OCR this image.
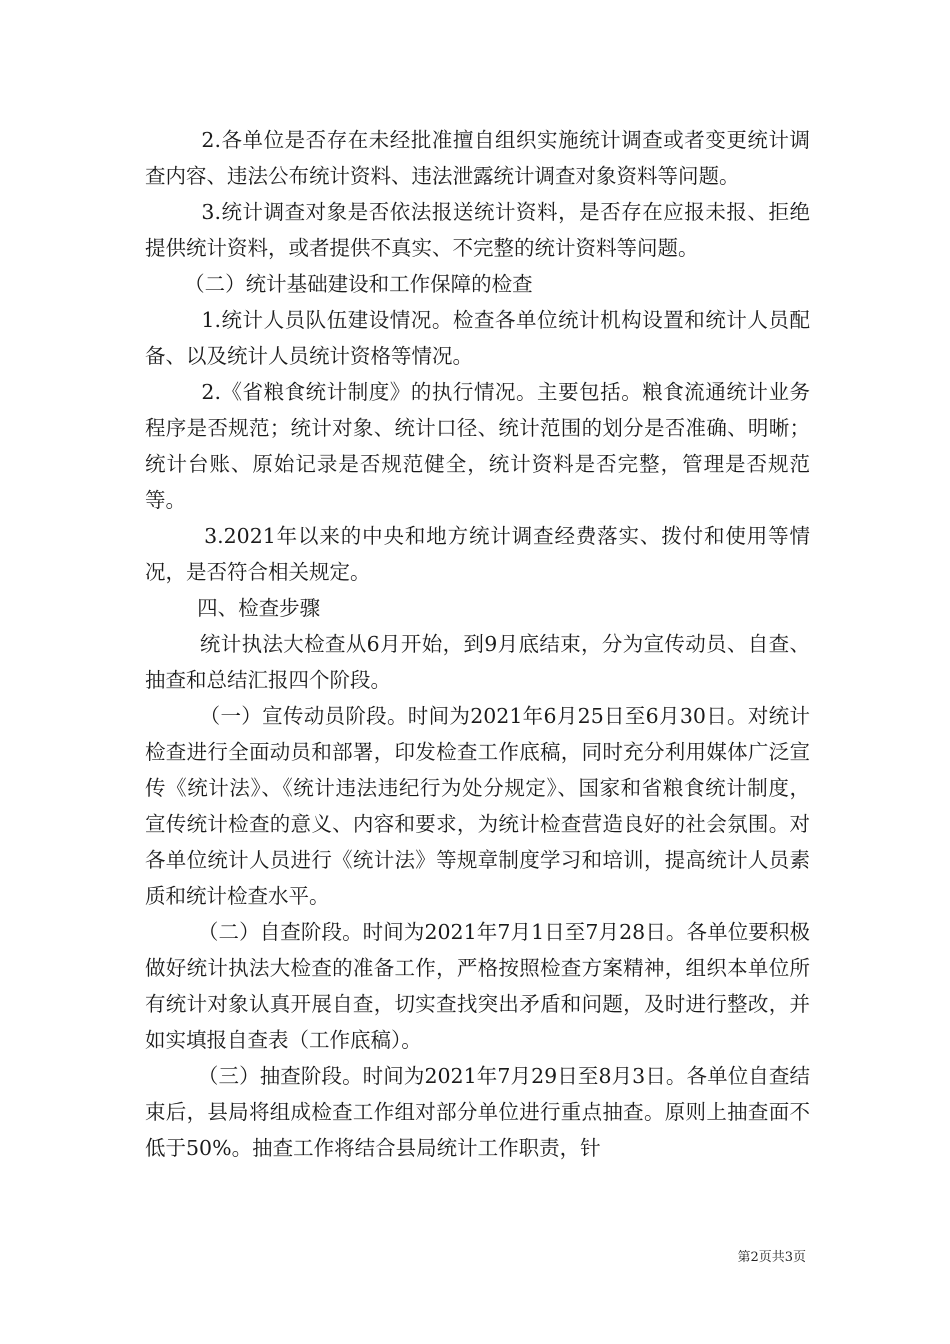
2.各单位是否存在未经批准擅自组织实施统计调查或者变更统计调查内容、违法公布统计资料、违法泄露统计调查对象资料等问题。

3.统计调查对象是否依法报送统计资料，是否存在应报未报、拒绝提供统计资料，或者提供不真实、不完整的统计资料等问题。

（二）统计基础建设和工作保障的检查

1.统计人员队伍建设情况。检查各单位统计机构设置和统计人员配备、以及统计人员统计资格等情况。

2.《省粮食统计制度》的执行情况。主要包括。粮食流通统计业务程序是否规范；统计对象、统计口径、统计范围的划分是否准确、明晰；统计台账、原始记录是否规范健全，统计资料是否完整，管理是否规范等。

3.2021年以来的中央和地方统计调查经费落实、拨付和使用等情况，是否符合相关规定。

四、检查步骤

统计执法大检查从6月开始，到9月底结束，分为宣传动员、自查、抽查和总结汇报四个阶段。

（一）宣传动员阶段。时间为2021年6月25日至6月30日。对统计检查进行全面动员和部署，印发检查工作底稿，同时充分利用媒体广泛宣传《统计法》、《统计违法违纪行为处分规定》、国家和省粮食统计制度，宣传统计检查的意义、内容和要求，为统计检查营造良好的社会氛围。对各单位统计人员进行《统计法》等规章制度学习和培训，提高统计人员素质和统计检查水平。

（二）自查阶段。时间为2021年7月1日至7月28日。各单位要积极做好统计执法大检查的准备工作，严格按照检查方案精神，组织本单位所有统计对象认真开展自查，切实查找突出矛盾和问题，及时进行整改，并如实填报自查表（工作底稿）。

（三）抽查阶段。时间为2021年7月29日至8月3日。各单位自查结束后，县局将组成检查工作组对部分单位进行重点抽查。原则上抽查面不低于50%。抽查工作将结合县局统计工作职责，针

第2页共3页
